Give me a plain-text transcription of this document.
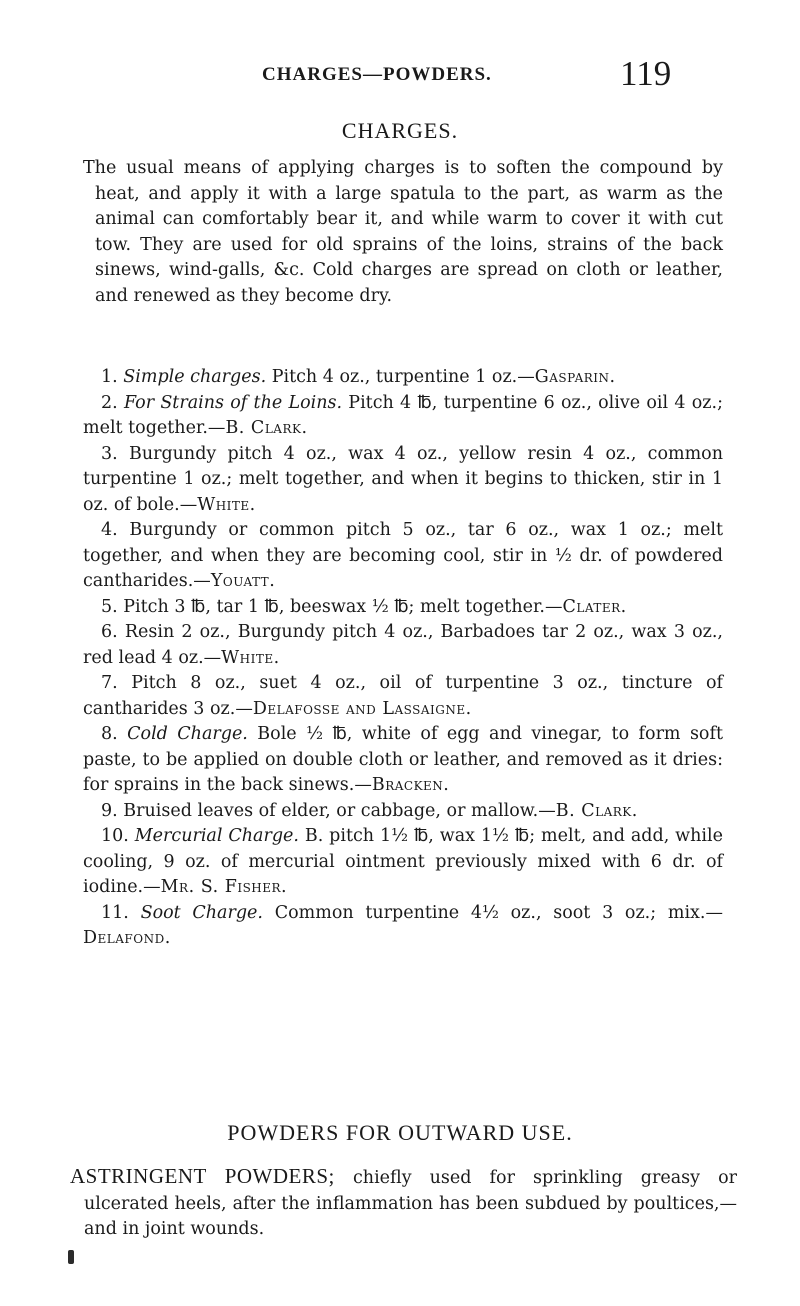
CHARGES—POWDERS.	119
CHARGES.

The usual means of applying charges is to soften the compound by heat, and apply it with a large spatula to the part, as warm as the animal can comfortably bear it, and while warm to cover it with cut tow. They are used for old sprains of the loins, strains of the back sinews, wind-galls, &c. Cold charges are spread on cloth or leather, and renewed as they become dry.

1. Simple charges. Pitch 4 oz., turpentine 1 oz.—Gasparin.

2. For Strains of the Loins. Pitch 4 ℔, turpentine 6 oz., olive oil 4 oz.; melt together.—B. Clark.

3. Burgundy pitch 4 oz., wax 4 oz., yellow resin 4 oz., common turpentine 1 oz.; melt together, and when it begins to thicken, stir in 1 oz. of bole.—White.

4. Burgundy or common pitch 5 oz., tar 6 oz., wax 1 oz.; melt together, and when they are becoming cool, stir in ½ dr. of powdered cantharides.—Youatt.

5. Pitch 3 ℔, tar 1 ℔, beeswax ½ ℔; melt together.—Clater.

6. Resin 2 oz., Burgundy pitch 4 oz., Barbadoes tar 2 oz., wax 3 oz., red lead 4 oz.—White.

7. Pitch 8 oz., suet 4 oz., oil of turpentine 3 oz., tincture of cantharides 3 oz.—Delafosse and Lassaigne.

8. Cold Charge. Bole ½ ℔, white of egg and vinegar, to form soft paste, to be applied on double cloth or leather, and removed as it dries: for sprains in the back sinews.—Bracken.

9. Bruised leaves of elder, or cabbage, or mallow.—B. Clark.

10. Mercurial Charge. B. pitch 1½ ℔, wax 1½ ℔; melt, and add, while cooling, 9 oz. of mercurial ointment previously mixed with 6 dr. of iodine.—Mr. S. Fisher.

11. Soot Charge. Common turpentine 4½ oz., soot 3 oz.; mix.—Delafond.

POWDERS FOR OUTWARD USE.

ASTRINGENT POWDERS; chiefly used for sprinkling greasy or ulcerated heels, after the inflammation has been subdued by poultices,—and in joint wounds.
